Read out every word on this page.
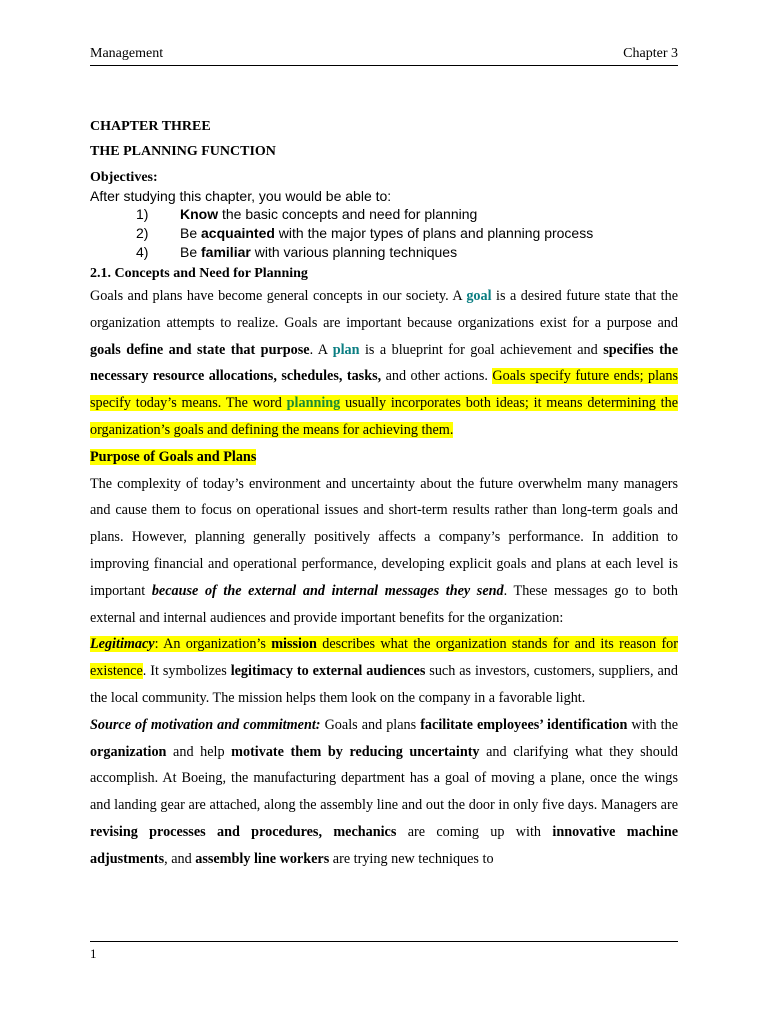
Management	Chapter 3

CHAPTER THREE

THE PLANNING FUNCTION

Objectives:

After studying this chapter, you would be able to:
1) Know the basic concepts and need for planning
2) Be acquainted with the major types of plans and planning process
4) Be familiar with various planning techniques

2.1. Concepts and Need for Planning

Goals and plans have become general concepts in our society. A goal is a desired future state that the organization attempts to realize. Goals are important because organizations exist for a purpose and goals define and state that purpose. A plan is a blueprint for goal achievement and specifies the necessary resource allocations, schedules, tasks, and other actions. Goals specify future ends; plans specify today’s means. The word planning usually incorporates both ideas; it means determining the organization’s goals and defining the means for achieving them.

Purpose of Goals and Plans

The complexity of today’s environment and uncertainty about the future overwhelm many managers and cause them to focus on operational issues and short-term results rather than long-term goals and plans. However, planning generally positively affects a company’s performance. In addition to improving financial and operational performance, developing explicit goals and plans at each level is important because of the external and internal messages they send. These messages go to both external and internal audiences and provide important benefits for the organization:

Legitimacy: An organization’s mission describes what the organization stands for and its reason for existence. It symbolizes legitimacy to external audiences such as investors, customers, suppliers, and the local community. The mission helps them look on the company in a favorable light.

Source of motivation and commitment: Goals and plans facilitate employees’ identification with the organization and help motivate them by reducing uncertainty and clarifying what they should accomplish. At Boeing, the manufacturing department has a goal of moving a plane, once the wings and landing gear are attached, along the assembly line and out the door in only five days. Managers are revising processes and procedures, mechanics are coming up with innovative machine adjustments, and assembly line workers are trying new techniques to

1
